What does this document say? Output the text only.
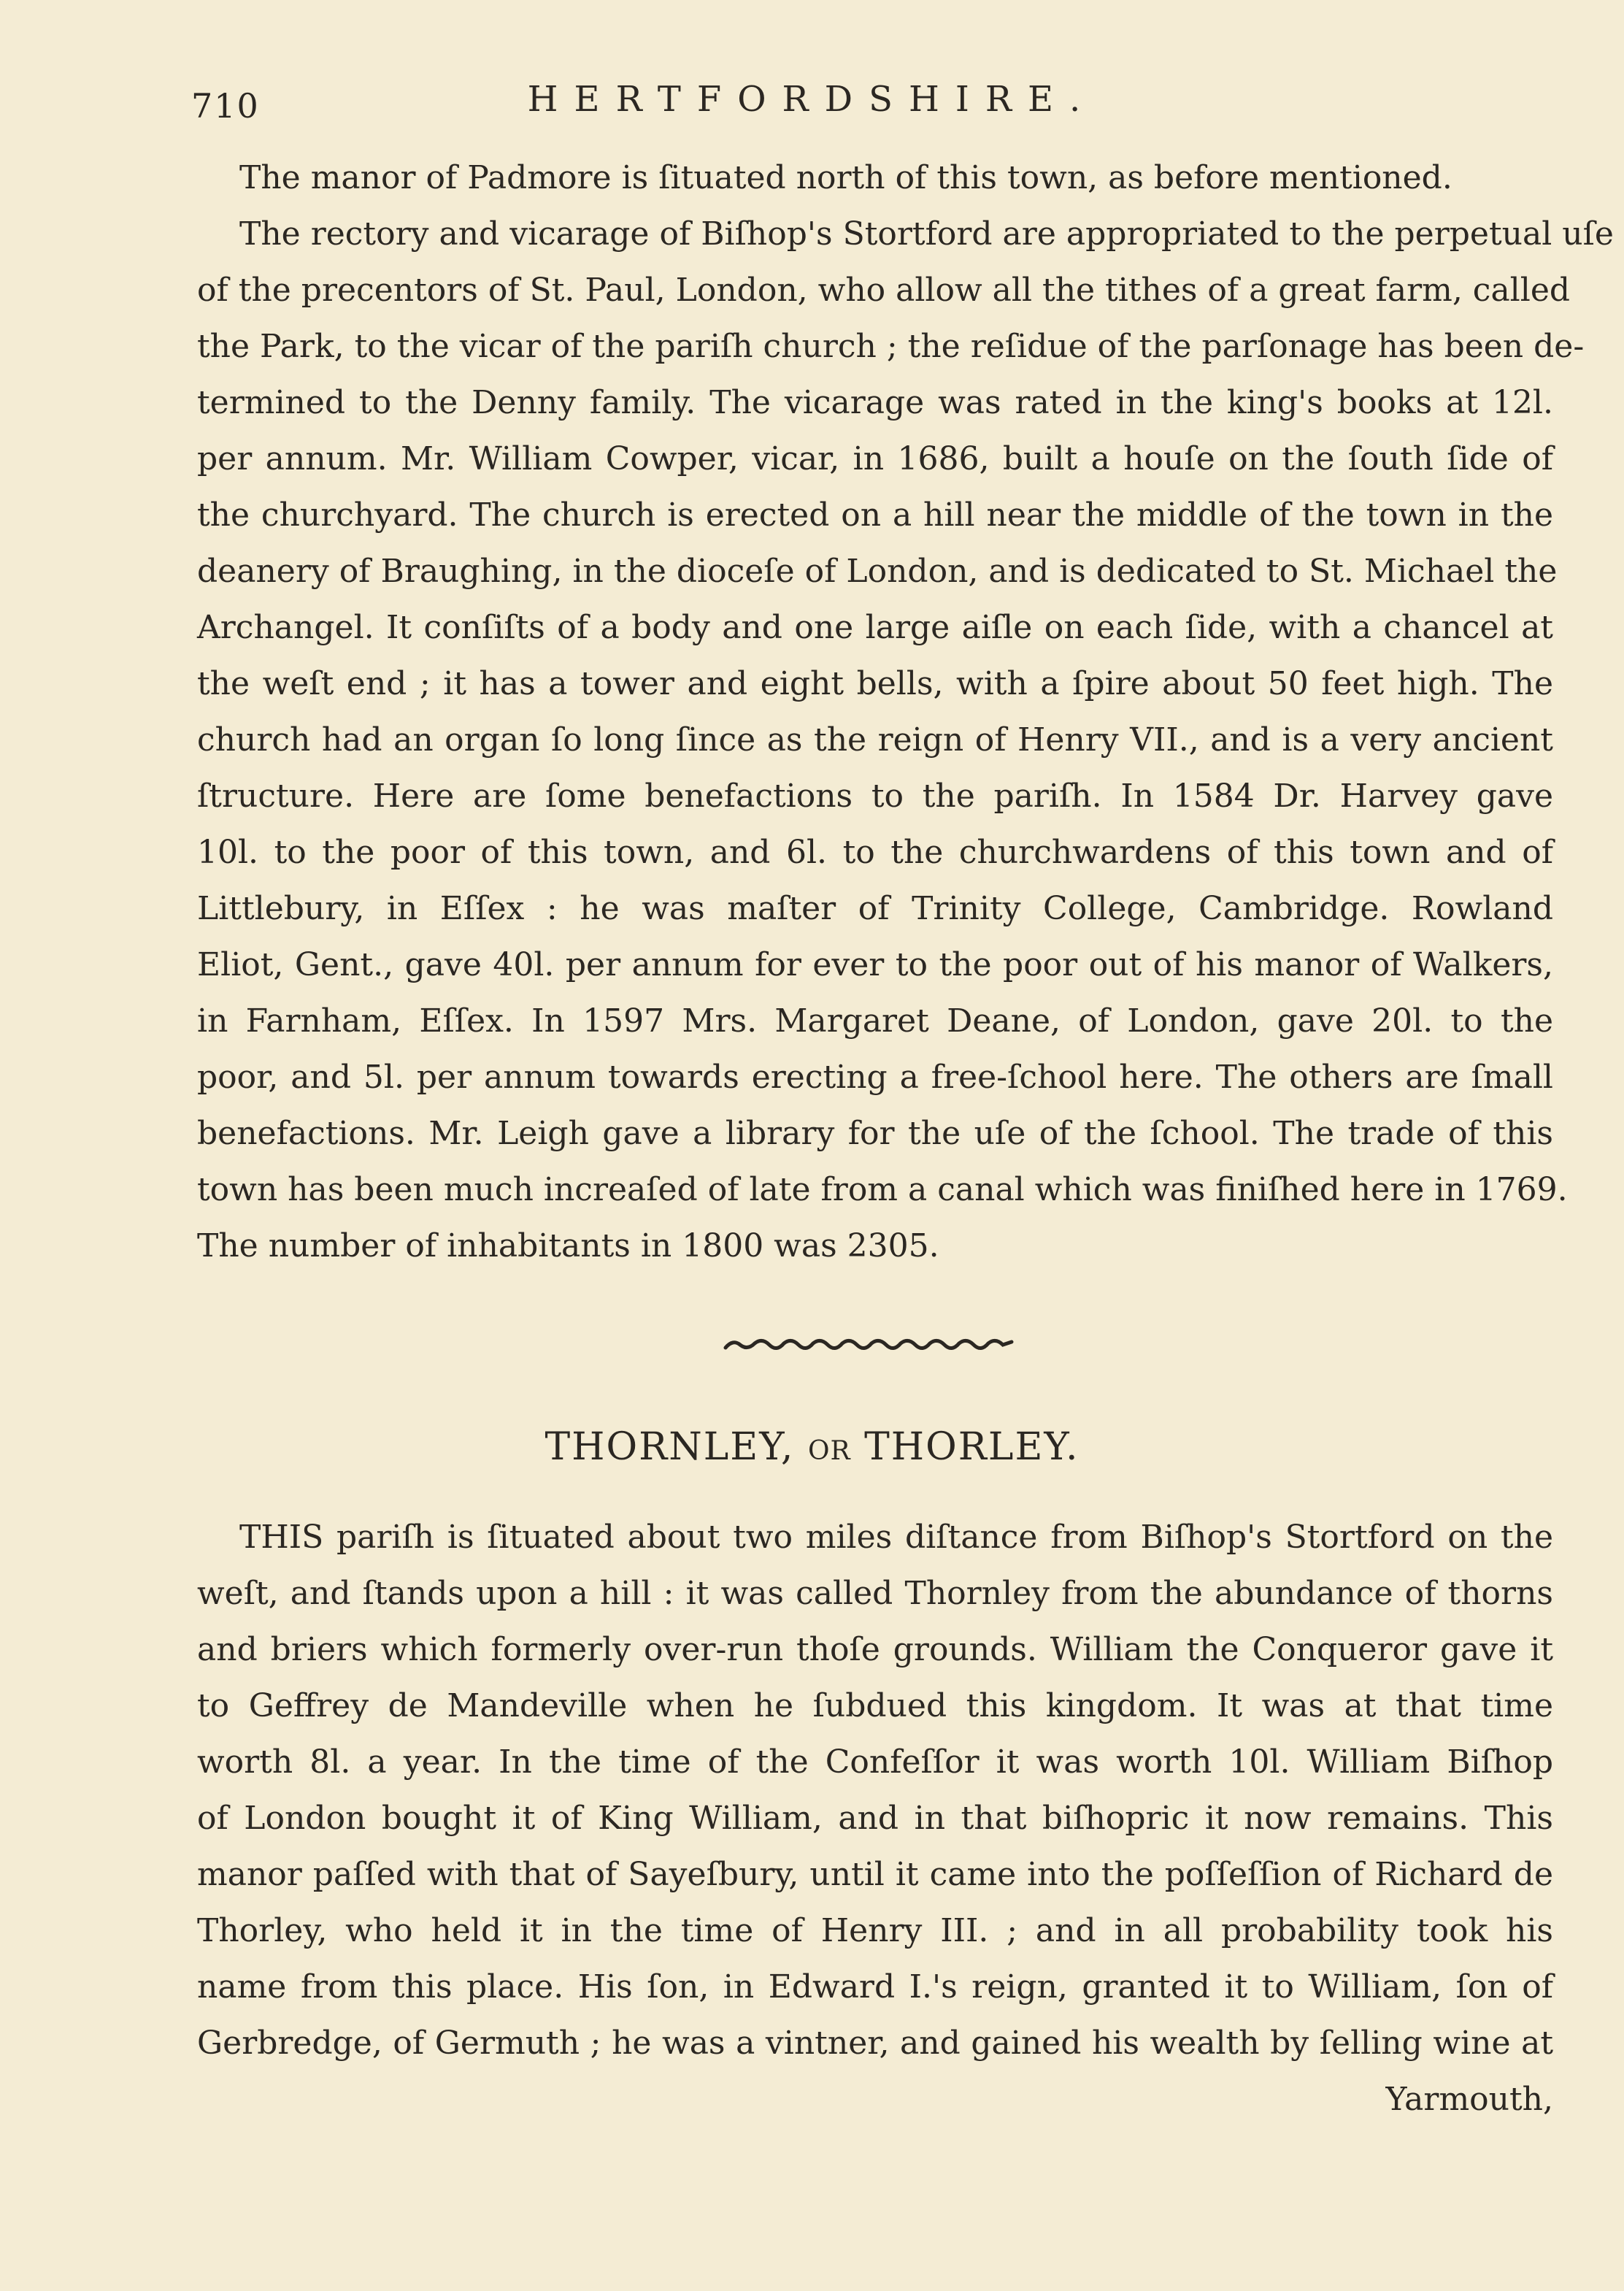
710	HERTFORDSHIRE.
The manor of Padmore is ſituated north of this town, as before mentioned.
The rectory and vicarage of Biſhop's Stortford are appropriated to the perpetual uſe
of the precentors of St. Paul, London, who allow all the tithes of a great farm, called
the Park, to the vicar of the pariſh church ; the reſidue of the parſonage has been de-
termined to the Denny family. The vicarage was rated in the king's books at 12l.
per annum. Mr. William Cowper, vicar, in 1686, built a houſe on the ſouth ſide of
the churchyard. The church is erected on a hill near the middle of the town in the
deanery of Braughing, in the dioceſe of London, and is dedicated to St. Michael the
Archangel. It conſiſts of a body and one large aiſle on each ſide, with a chancel at
the weſt end ; it has a tower and eight bells, with a ſpire about 50 feet high. The
church had an organ ſo long ſince as the reign of Henry VII., and is a very ancient
ſtructure. Here are ſome benefactions to the pariſh. In 1584 Dr. Harvey gave
10l. to the poor of this town, and 6l. to the churchwardens of this town and of
Littlebury, in Eſſex : he was maſter of Trinity College, Cambridge. Rowland
Eliot, Gent., gave 40l. per annum for ever to the poor out of his manor of Walkers,
in Farnham, Eſſex. In 1597 Mrs. Margaret Deane, of London, gave 20l. to the
poor, and 5l. per annum towards erecting a free-ſchool here. The others are ſmall
benefactions. Mr. Leigh gave a library for the uſe of the ſchool. The trade of this
town has been much increaſed of late from a canal which was finiſhed here in 1769.
The number of inhabitants in 1800 was 2305.
THORNLEY, OR THORLEY.
THIS pariſh is ſituated about two miles diſtance from Biſhop's Stortford on the
weſt, and ſtands upon a hill : it was called Thornley from the abundance of thorns
and briers which formerly over-run thoſe grounds. William the Conqueror gave it
to Geffrey de Mandeville when he ſubdued this kingdom. It was at that time
worth 8l. a year. In the time of the Confeſſor it was worth 10l. William Biſhop
of London bought it of King William, and in that biſhopric it now remains. This
manor paſſed with that of Sayeſbury, until it came into the poſſeſſion of Richard de
Thorley, who held it in the time of Henry III. ; and in all probability took his
name from this place. His ſon, in Edward I.'s reign, granted it to William, ſon of
Gerbredge, of Germuth ; he was a vintner, and gained his wealth by ſelling wine at
Yarmouth,
